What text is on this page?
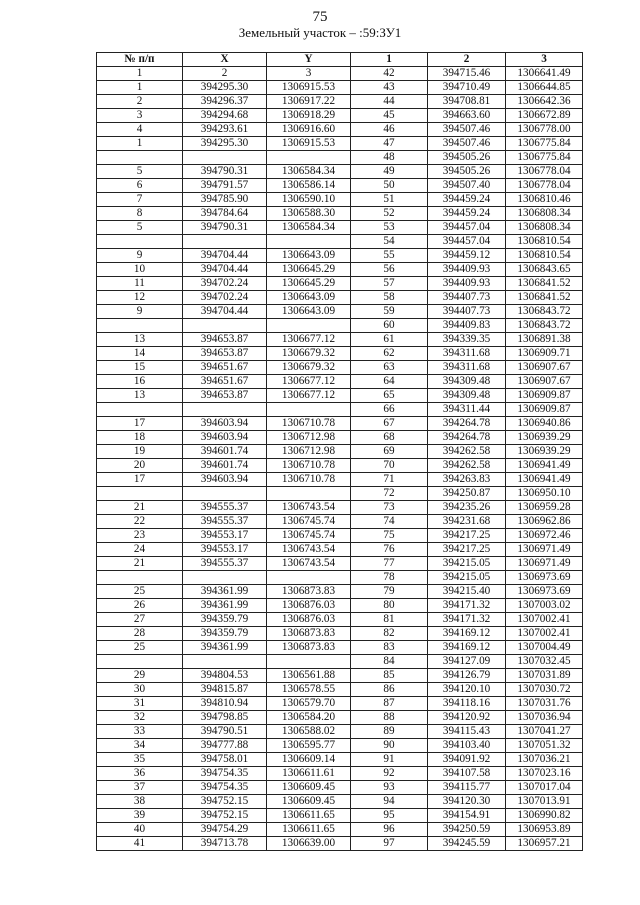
75
Земельный участок – :59:ЗУ1
№ п/п	X	Y	1	2	3
1	2	3	42	394715.46	1306641.49
1	394295.30	1306915.53	43	394710.49	1306644.85
2	394296.37	1306917.22	44	394708.81	1306642.36
3	394294.68	1306918.29	45	394663.60	1306672.89
4	394293.61	1306916.60	46	394507.46	1306778.00
1	394295.30	1306915.53	47	394507.46	1306775.84
			48	394505.26	1306775.84
5	394790.31	1306584.34	49	394505.26	1306778.04
6	394791.57	1306586.14	50	394507.40	1306778.04
7	394785.90	1306590.10	51	394459.24	1306810.46
8	394784.64	1306588.30	52	394459.24	1306808.34
5	394790.31	1306584.34	53	394457.04	1306808.34
			54	394457.04	1306810.54
9	394704.44	1306643.09	55	394459.12	1306810.54
10	394704.44	1306645.29	56	394409.93	1306843.65
11	394702.24	1306645.29	57	394409.93	1306841.52
12	394702.24	1306643.09	58	394407.73	1306841.52
9	394704.44	1306643.09	59	394407.73	1306843.72
			60	394409.83	1306843.72
13	394653.87	1306677.12	61	394339.35	1306891.38
14	394653.87	1306679.32	62	394311.68	1306909.71
15	394651.67	1306679.32	63	394311.68	1306907.67
16	394651.67	1306677.12	64	394309.48	1306907.67
13	394653.87	1306677.12	65	394309.48	1306909.87
			66	394311.44	1306909.87
17	394603.94	1306710.78	67	394264.78	1306940.86
18	394603.94	1306712.98	68	394264.78	1306939.29
19	394601.74	1306712.98	69	394262.58	1306939.29
20	394601.74	1306710.78	70	394262.58	1306941.49
17	394603.94	1306710.78	71	394263.83	1306941.49
			72	394250.87	1306950.10
21	394555.37	1306743.54	73	394235.26	1306959.28
22	394555.37	1306745.74	74	394231.68	1306962.86
23	394553.17	1306745.74	75	394217.25	1306972.46
24	394553.17	1306743.54	76	394217.25	1306971.49
21	394555.37	1306743.54	77	394215.05	1306971.49
			78	394215.05	1306973.69
25	394361.99	1306873.83	79	394215.40	1306973.69
26	394361.99	1306876.03	80	394171.32	1307003.02
27	394359.79	1306876.03	81	394171.32	1307002.41
28	394359.79	1306873.83	82	394169.12	1307002.41
25	394361.99	1306873.83	83	394169.12	1307004.49
			84	394127.09	1307032.45
29	394804.53	1306561.88	85	394126.79	1307031.89
30	394815.87	1306578.55	86	394120.10	1307030.72
31	394810.94	1306579.70	87	394118.16	1307031.76
32	394798.85	1306584.20	88	394120.92	1307036.94
33	394790.51	1306588.02	89	394115.43	1307041.27
34	394777.88	1306595.77	90	394103.40	1307051.32
35	394758.01	1306609.14	91	394091.92	1307036.21
36	394754.35	1306611.61	92	394107.58	1307023.16
37	394754.35	1306609.45	93	394115.77	1307017.04
38	394752.15	1306609.45	94	394120.30	1307013.91
39	394752.15	1306611.65	95	394154.91	1306990.82
40	394754.29	1306611.65	96	394250.59	1306953.89
41	394713.78	1306639.00	97	394245.59	1306957.21
